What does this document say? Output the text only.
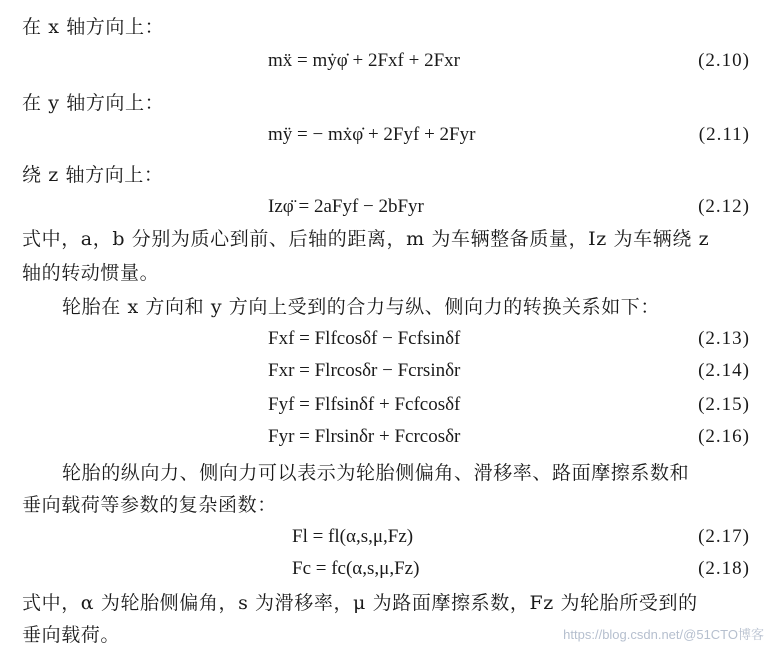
在 x 轴方向上：
mẍ = mẏφ̇ + 2Fxf + 2Fxr	(2.10)
在 y 轴方向上：
mÿ = − mẋφ̇ + 2Fyf + 2Fyr	(2.11)
绕 z 轴方向上：
Izφ̈ = 2aFyf − 2bFyr	(2.12)
式中，a，b 分别为质心到前、后轴的距离，m 为车辆整备质量，Iz 为车辆绕 z
轴的转动惯量。
轮胎在 x 方向和 y 方向上受到的合力与纵、侧向力的转换关系如下：
Fxf = Flfcosδf − Fcfsinδf	(2.13)
Fxr = Flrcosδr − Fcrsinδr	(2.14)
Fyf = Flfsinδf + Fcfcosδf	(2.15)
Fyr = Flrsinδr + Fcrcosδr	(2.16)
轮胎的纵向力、侧向力可以表示为轮胎侧偏角、滑移率、路面摩擦系数和
垂向载荷等参数的复杂函数：
Fl = fl(α,s,μ,Fz)	(2.17)
Fc = fc(α,s,μ,Fz)	(2.18)
式中，α 为轮胎侧偏角，s 为滑移率，μ 为路面摩擦系数，Fz 为轮胎所受到的
垂向载荷。	https://blog.csdn.net/@51CTO博客
